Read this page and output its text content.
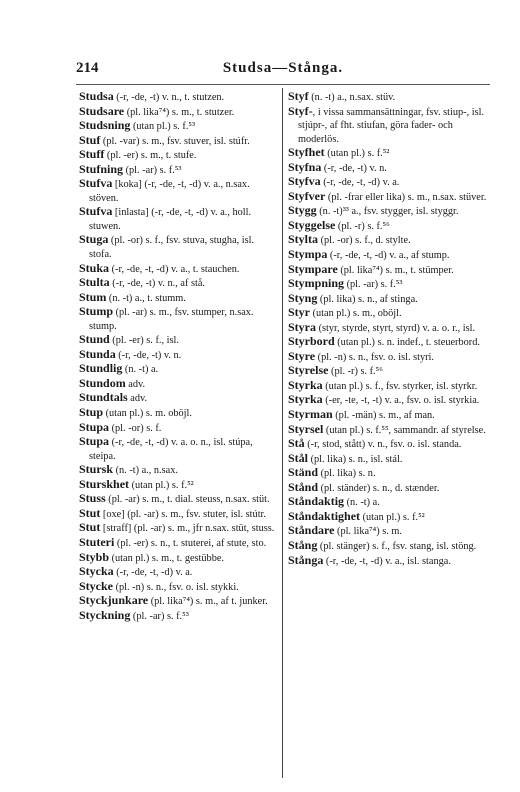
214	Studsa—Stånga.

Studsa (-r, -de, -t) v. n., t. stutzen.

Studsare (pl. lika⁷⁴) s. m., t. stutzer.

Studsning (utan pl.) s. f.⁵³

Stuf (pl. -var) s. m., fsv. stuver, isl. stúfr.

Stuff (pl. -er) s. m., t. stufe.

Stufning (pl. -ar) s. f.⁵³

Stufva [koka] (-r, -de, -t, -d) v. a., n.sax. stöven.

Stufva [inlasta] (-r, -de, -t, -d) v. a., holl. stuwen.

Stuga (pl. -or) s. f., fsv. stuva, stugha, isl. stofa.

Stuka (-r, -de, -t, -d) v. a., t. stauchen.

Stulta (-r, -de, -t) v. n., af stå.

Stum (n. -t) a., t. stumm.

Stump (pl. -ar) s. m., fsv. stumper, n.sax. stump.

Stund (pl. -er) s. f., isl.

Stunda (-r, -de, -t) v. n.

Stundlig (n. -t) a.

Stundom adv.

Stundtals adv.

Stup (utan pl.) s. m. oböjl.

Stupa (pl. -or) s. f.

Stupa (-r, -de, -t, -d) v. a. o. n., isl. stúpa, steipa.

Stursk (n. -t) a., n.sax.

Sturskhet (utan pl.) s. f.⁵²

Stuss (pl. -ar) s. m., t. dial. steuss, n.sax. stüt.

Stut [oxe] (pl. -ar) s. m., fsv. stuter, isl. stútr.

Stut [straff] (pl. -ar) s. m., jfr n.sax. stüt, stuss.

Stuteri (pl. -er) s. n., t. stuterei, af stute, sto.

Stybb (utan pl.) s. m., t. gestübbe.

Stycka (-r, -de, -t, -d) v. a.

Stycke (pl. -n) s. n., fsv. o. isl. stykki.

Styckjunkare (pl. lika⁷⁴) s. m., af t. junker.

Styckning (pl. -ar) s. f.⁵³

Styf (n. -t) a., n.sax. stüv.

Styf-, i vissa sammansättningar, fsv. stiup-, isl. stjúpr-, af fht. stiufan, göra fader- och moderlös.

Styfhet (utan pl.) s. f.⁵²

Styfna (-r, -de, -t) v. n.

Styfva (-r, -de, -t, -d) v. a.

Styfver (pl. -frar eller lika) s. m., n.sax. stüver.

Stygg (n. -t)³³ a., fsv. stygger, isl. styggr.

Styggelse (pl. -r) s. f.⁵⁶

Stylta (pl. -or) s. f., d. stylte.

Stympa (-r, -de, -t, -d) v. a., af stump.

Stympare (pl. lika⁷⁴) s. m., t. stümper.

Stympning (pl. -ar) s. f.⁵³

Styng (pl. lika) s. n., af stinga.

Styr (utan pl.) s. m., oböjl.

Styra (styr, styrde, styrt, styrd) v. a. o. r., isl.

Styrbord (utan pl.) s. n. indef., t. steuerbord.

Styre (pl. -n) s. n., fsv. o. isl. styri.

Styrelse (pl. -r) s. f.⁵⁶

Styrka (utan pl.) s. f., fsv. styrker, isl. styrkr.

Styrka (-er, -te, -t, -t) v. a., fsv. o. isl. styrkia.

Styrman (pl. -män) s. m., af man.

Styrsel (utan pl.) s. f.⁵⁵, sammandr. af styrelse.

Stå (-r, stod, stått) v. n., fsv. o. isl. standa.

Stål (pl. lika) s. n., isl. stál.

Ständ (pl. lika) s. n.

Stånd (pl. ständer) s. n., d. stænder.

Ståndaktig (n. -t) a.

Ståndaktighet (utan pl.) s. f.⁵²

Ståndare (pl. lika⁷⁴) s. m.

Stång (pl. stänger) s. f., fsv. stang, isl. stöng.

Stånga (-r, -de, -t, -d) v. a., isl. stanga.
